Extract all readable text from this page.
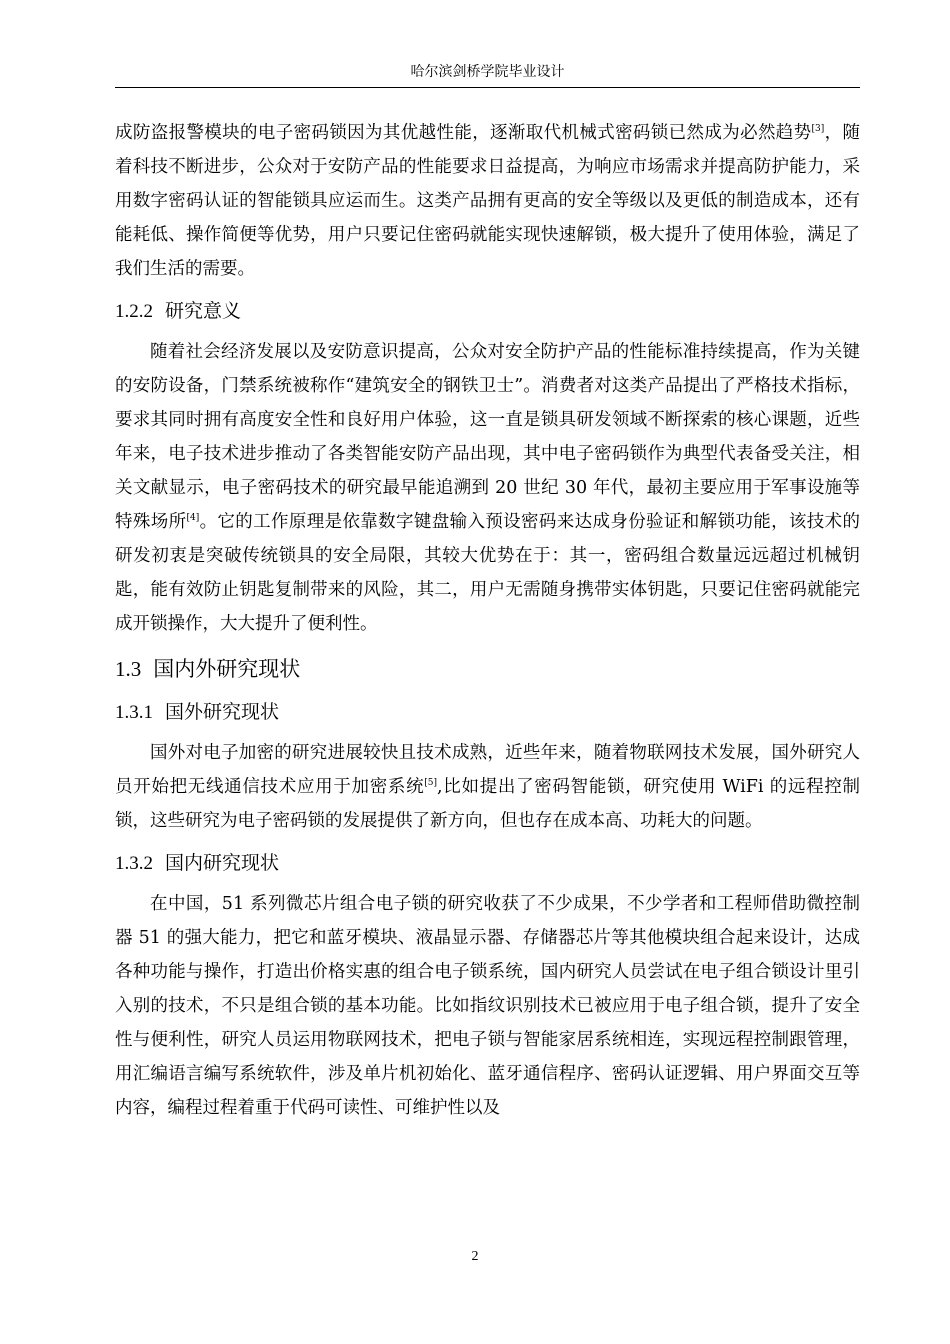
哈尔滨剑桥学院毕业设计

成防盗报警模块的电子密码锁因为其优越性能，逐渐取代机械式密码锁已然成为必然趋势[3]，随着科技不断进步，公众对于安防产品的性能要求日益提高，为响应市场需求并提高防护能力，采用数字密码认证的智能锁具应运而生。这类产品拥有更高的安全等级以及更低的制造成本，还有能耗低、操作简便等优势，用户只要记住密码就能实现快速解锁，极大提升了使用体验，满足了我们生活的需要。

1.2.2 研究意义

随着社会经济发展以及安防意识提高，公众对安全防护产品的性能标准持续提高，作为关键的安防设备，门禁系统被称作“建筑安全的钢铁卫士”。消费者对这类产品提出了严格技术指标，要求其同时拥有高度安全性和良好用户体验，这一直是锁具研发领域不断探索的核心课题，近些年来，电子技术进步推动了各类智能安防产品出现，其中电子密码锁作为典型代表备受关注，相关文献显示，电子密码技术的研究最早能追溯到 20 世纪 30 年代，最初主要应用于军事设施等特殊场所[4]。它的工作原理是依靠数字键盘输入预设密码来达成身份验证和解锁功能，该技术的研发初衷是突破传统锁具的安全局限，其较大优势在于：其一，密码组合数量远远超过机械钥匙，能有效防止钥匙复制带来的风险，其二，用户无需随身携带实体钥匙，只要记住密码就能完成开锁操作，大大提升了便利性。

1.3 国内外研究现状
1.3.1 国外研究现状

国外对电子加密的研究进展较快且技术成熟，近些年来，随着物联网技术发展，国外研究人员开始把无线通信技术应用于加密系统[5],比如提出了密码智能锁，研究使用 WiFi 的远程控制锁，这些研究为电子密码锁的发展提供了新方向，但也存在成本高、功耗大的问题。

1.3.2 国内研究现状

在中国，51 系列微芯片组合电子锁的研究收获了不少成果，不少学者和工程师借助微控制器 51 的强大能力，把它和蓝牙模块、液晶显示器、存储器芯片等其他模块组合起来设计，达成各种功能与操作，打造出价格实惠的组合电子锁系统，国内研究人员尝试在电子组合锁设计里引入别的技术，不只是组合锁的基本功能。比如指纹识别技术已被应用于电子组合锁，提升了安全性与便利性，研究人员运用物联网技术，把电子锁与智能家居系统相连，实现远程控制跟管理，用汇编语言编写系统软件，涉及单片机初始化、蓝牙通信程序、密码认证逻辑、用户界面交互等内容，编程过程着重于代码可读性、可维护性以及

2
